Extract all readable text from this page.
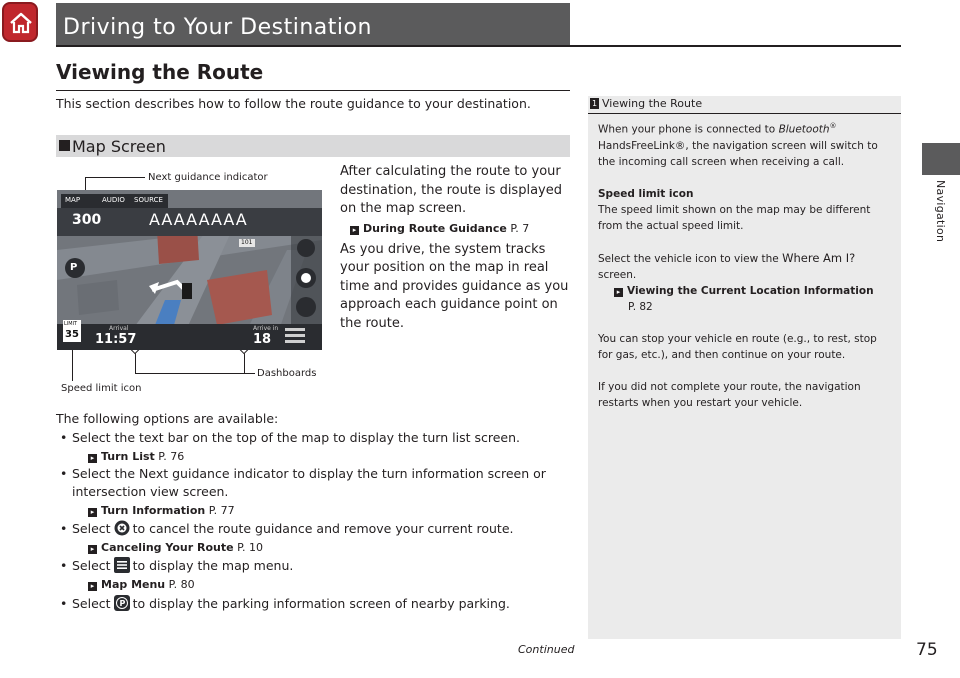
Driving to Your Destination
Navigation
Viewing the Route
This section describes how to follow the route guidance to your destination.
Map Screen
Next guidance indicator
Dashboards
Speed limit icon
MAP	AUDIO SOURCE
300	AAAAAAAA
101
P
LIMIT
35
Arrival
11:57
Arrive in
18
After calculating the route to your destination, the route is displayed on the map screen.
▸ During Route Guidance P. 7
As you drive, the system tracks your position on the map in real time and provides guidance as you approach each guidance point on the route.
The following options are available:
• Select the text bar on the top of the map to display the turn list screen.
▸ Turn List P. 76
• Select the Next guidance indicator to display the turn information screen or intersection view screen.
▸ Turn Information P. 77
• Select to cancel the route guidance and remove your current route.
▸ Canceling Your Route P. 10
• Select to display the map menu.
▸ Map Menu P. 80
• Select P to display the parking information screen of nearby parking.
1 Viewing the Route

When your phone is connected to Bluetooth® HandsFreeLink®, the navigation screen will switch to the incoming call screen when receiving a call.

Speed limit icon

The speed limit shown on the map may be different from the actual speed limit.

Select the vehicle icon to view the Where Am I? screen.
▸ Viewing the Current Location Information

P. 82

You can stop your vehicle en route (e.g., to rest, stop for gas, etc.), and then continue on your route.

If you did not complete your route, the navigation restarts when you restart your vehicle.

Continued	75
